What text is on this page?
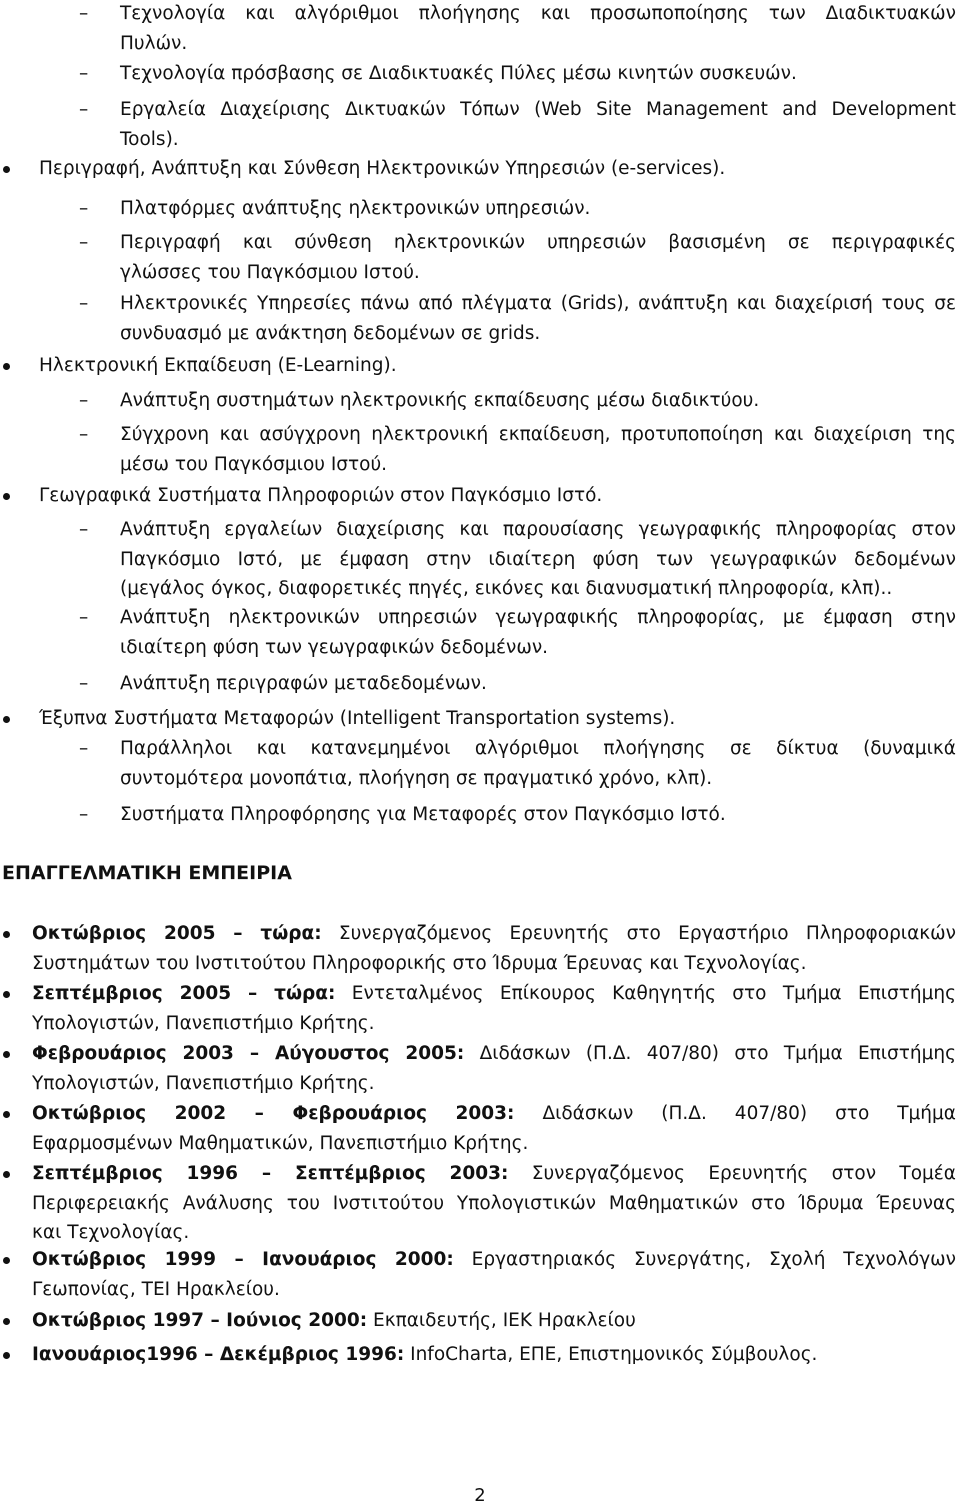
–	Τεχνολογία και αλγόριθμοι πλοήγησης και προσωποποίησης των Διαδικτυακών

Πυλών.

–	Τεχνολογία πρόσβασης σε Διαδικτυακές Πύλες μέσω κινητών συσκευών.

–	Εργαλεία Διαχείρισης Δικτυακών Τόπων (Web Site Management and Development

Tools).

Περιγραφή, Ανάπτυξη και Σύνθεση Ηλεκτρονικών Υπηρεσιών (e-services).

–	Πλατφόρμες ανάπτυξης ηλεκτρονικών υπηρεσιών.

–	Περιγραφή και σύνθεση ηλεκτρονικών υπηρεσιών βασισμένη σε περιγραφικές

γλώσσες του Παγκόσμιου Ιστού.

–	Ηλεκτρονικές Υπηρεσίες πάνω από πλέγματα (Grids), ανάπτυξη και διαχείρισή τους σε

συνδυασμό με ανάκτηση δεδομένων σε grids.

Ηλεκτρονική Εκπαίδευση (E-Learning).

–	Ανάπτυξη συστημάτων ηλεκτρονικής εκπαίδευσης μέσω διαδικτύου.

–	Σύγχρονη και ασύγχρονη ηλεκτρονική εκπαίδευση, προτυποποίηση και διαχείριση της

μέσω του Παγκόσμιου Ιστού.

Γεωγραφικά Συστήματα Πληροφοριών στον Παγκόσμιο Ιστό.

–	Ανάπτυξη εργαλείων διαχείρισης και παρουσίασης γεωγραφικής πληροφορίας στον

Παγκόσμιο Ιστό, με έμφαση στην ιδιαίτερη φύση των γεωγραφικών δεδομένων

(μεγάλος όγκος, διαφορετικές πηγές, εικόνες και διανυσματική πληροφορία, κλπ)..

–	Ανάπτυξη ηλεκτρονικών υπηρεσιών γεωγραφικής πληροφορίας, με έμφαση στην

ιδιαίτερη φύση των γεωγραφικών δεδομένων.

–	Ανάπτυξη περιγραφών μεταδεδομένων.

Έξυπνα Συστήματα Μεταφορών (Intelligent Transportation systems).

–	Παράλληλοι και κατανεμημένοι αλγόριθμοι πλοήγησης σε δίκτυα (δυναμικά

συντομότερα μονοπάτια, πλοήγηση σε πραγματικό χρόνο, κλπ).

–	Συστήματα Πληροφόρησης για Μεταφορές στον Παγκόσμιο Ιστό.

ΕΠΑΓΓΕΛΜΑΤΙΚΗ ΕΜΠΕΙΡΙΑ

Οκτώβριος 2005 – τώρα: Συνεργαζόμενος Ερευνητής στο Εργαστήριο Πληροφοριακών

Συστημάτων του Ινστιτούτου Πληροφορικής στο Ίδρυμα Έρευνας και Τεχνολογίας.

Σεπτέμβριος 2005 – τώρα: Εντεταλμένος Επίκουρος Καθηγητής στο Τμήμα Επιστήμης

Υπολογιστών, Πανεπιστήμιο Κρήτης.

Φεβρουάριος 2003 – Αύγουστος 2005: Διδάσκων (Π.Δ. 407/80) στο Τμήμα Επιστήμης

Υπολογιστών, Πανεπιστήμιο Κρήτης.

Οκτώβριος 2002 – Φεβρουάριος 2003: Διδάσκων (Π.Δ. 407/80) στο Τμήμα

Εφαρμοσμένων Μαθηματικών, Πανεπιστήμιο Κρήτης.

Σεπτέμβριος 1996 – Σεπτέμβριος 2003: Συνεργαζόμενος Ερευνητής στον Τομέα

Περιφερειακής Ανάλυσης του Ινστιτούτου Υπολογιστικών Μαθηματικών στο Ίδρυμα Έρευνας

και Τεχνολογίας.

Οκτώβριος 1999 – Ιανουάριος 2000: Εργαστηριακός Συνεργάτης, Σχολή Τεχνολόγων

Γεωπονίας, ΤΕΙ Ηρακλείου.

Οκτώβριος 1997 – Ιούνιος 2000: Εκπαιδευτής, ΙΕΚ Ηρακλείου

Ιανουάριος1996 – Δεκέμβριος 1996: InfoCharta, ΕΠΕ, Επιστημονικός Σύμβουλος.

2
